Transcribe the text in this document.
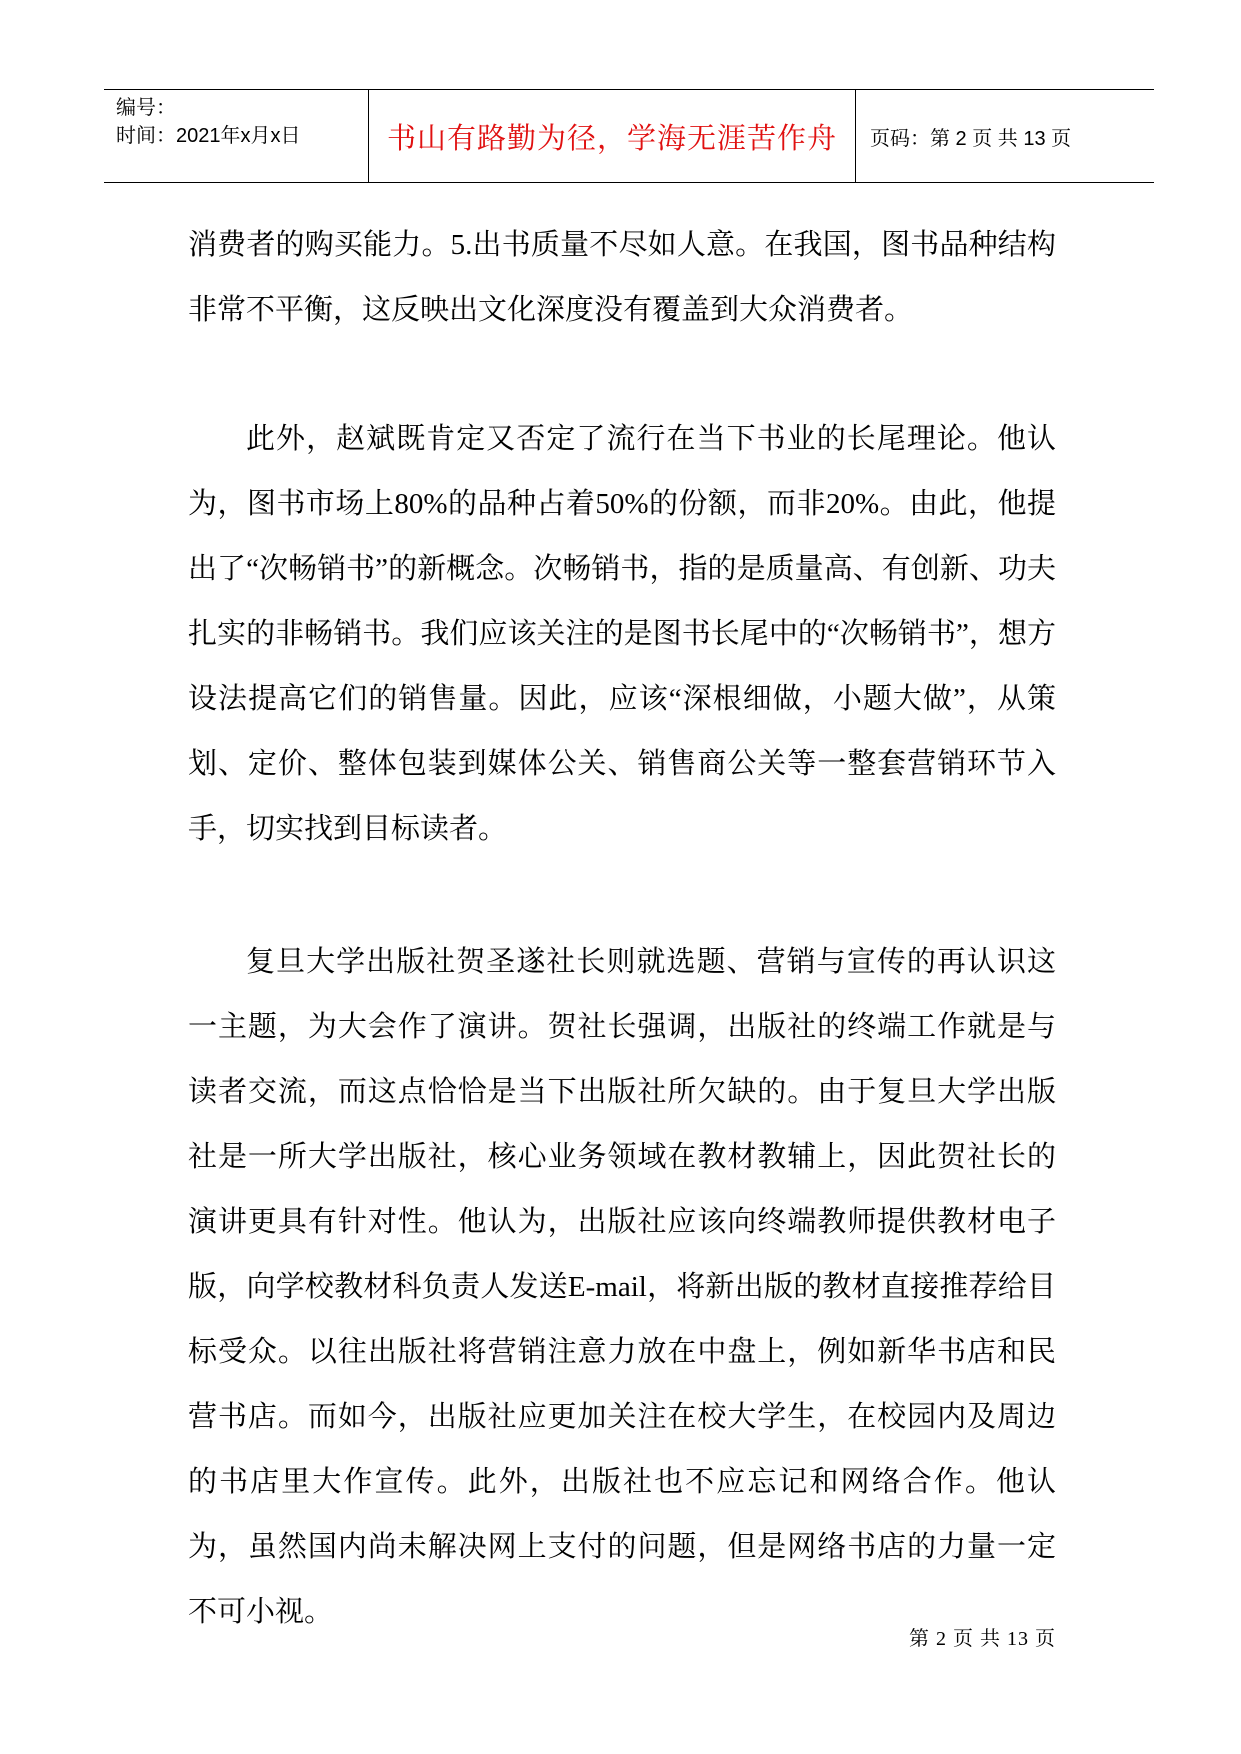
编号：
时间：2021年x月x日	书山有路勤为径，学海无涯苦作舟 页码：第 2 页 共 13 页

消费者的购买能力。5.出书质量不尽如人意。在我国，图书品种结构非常不平衡，这反映出文化深度没有覆盖到大众消费者。

此外，赵斌既肯定又否定了流行在当下书业的长尾理论。他认为，图书市场上80%的品种占着50%的份额，而非20%。由此，他提出了“次畅销书”的新概念。次畅销书，指的是质量高、有创新、功夫扎实的非畅销书。我们应该关注的是图书长尾中的“次畅销书”，想方设法提高它们的销售量。因此，应该“深根细做，小题大做”，从策划、定价、整体包装到媒体公关、销售商公关等一整套营销环节入手，切实找到目标读者。

复旦大学出版社贺圣遂社长则就选题、营销与宣传的再认识这一主题，为大会作了演讲。贺社长强调，出版社的终端工作就是与读者交流，而这点恰恰是当下出版社所欠缺的。由于复旦大学出版社是一所大学出版社，核心业务领域在教材教辅上，因此贺社长的演讲更具有针对性。他认为，出版社应该向终端教师提供教材电子版，向学校教材科负责人发送E-mail，将新出版的教材直接推荐给目标受众。以往出版社将营销注意力放在中盘上，例如新华书店和民营书店。而如今，出版社应更加关注在校大学生，在校园内及周边的书店里大作宣传。此外，出版社也不应忘记和网络合作。他认为，虽然国内尚未解决网上支付的问题，但是网络书店的力量一定不可小视。

第 2 页 共 13 页
